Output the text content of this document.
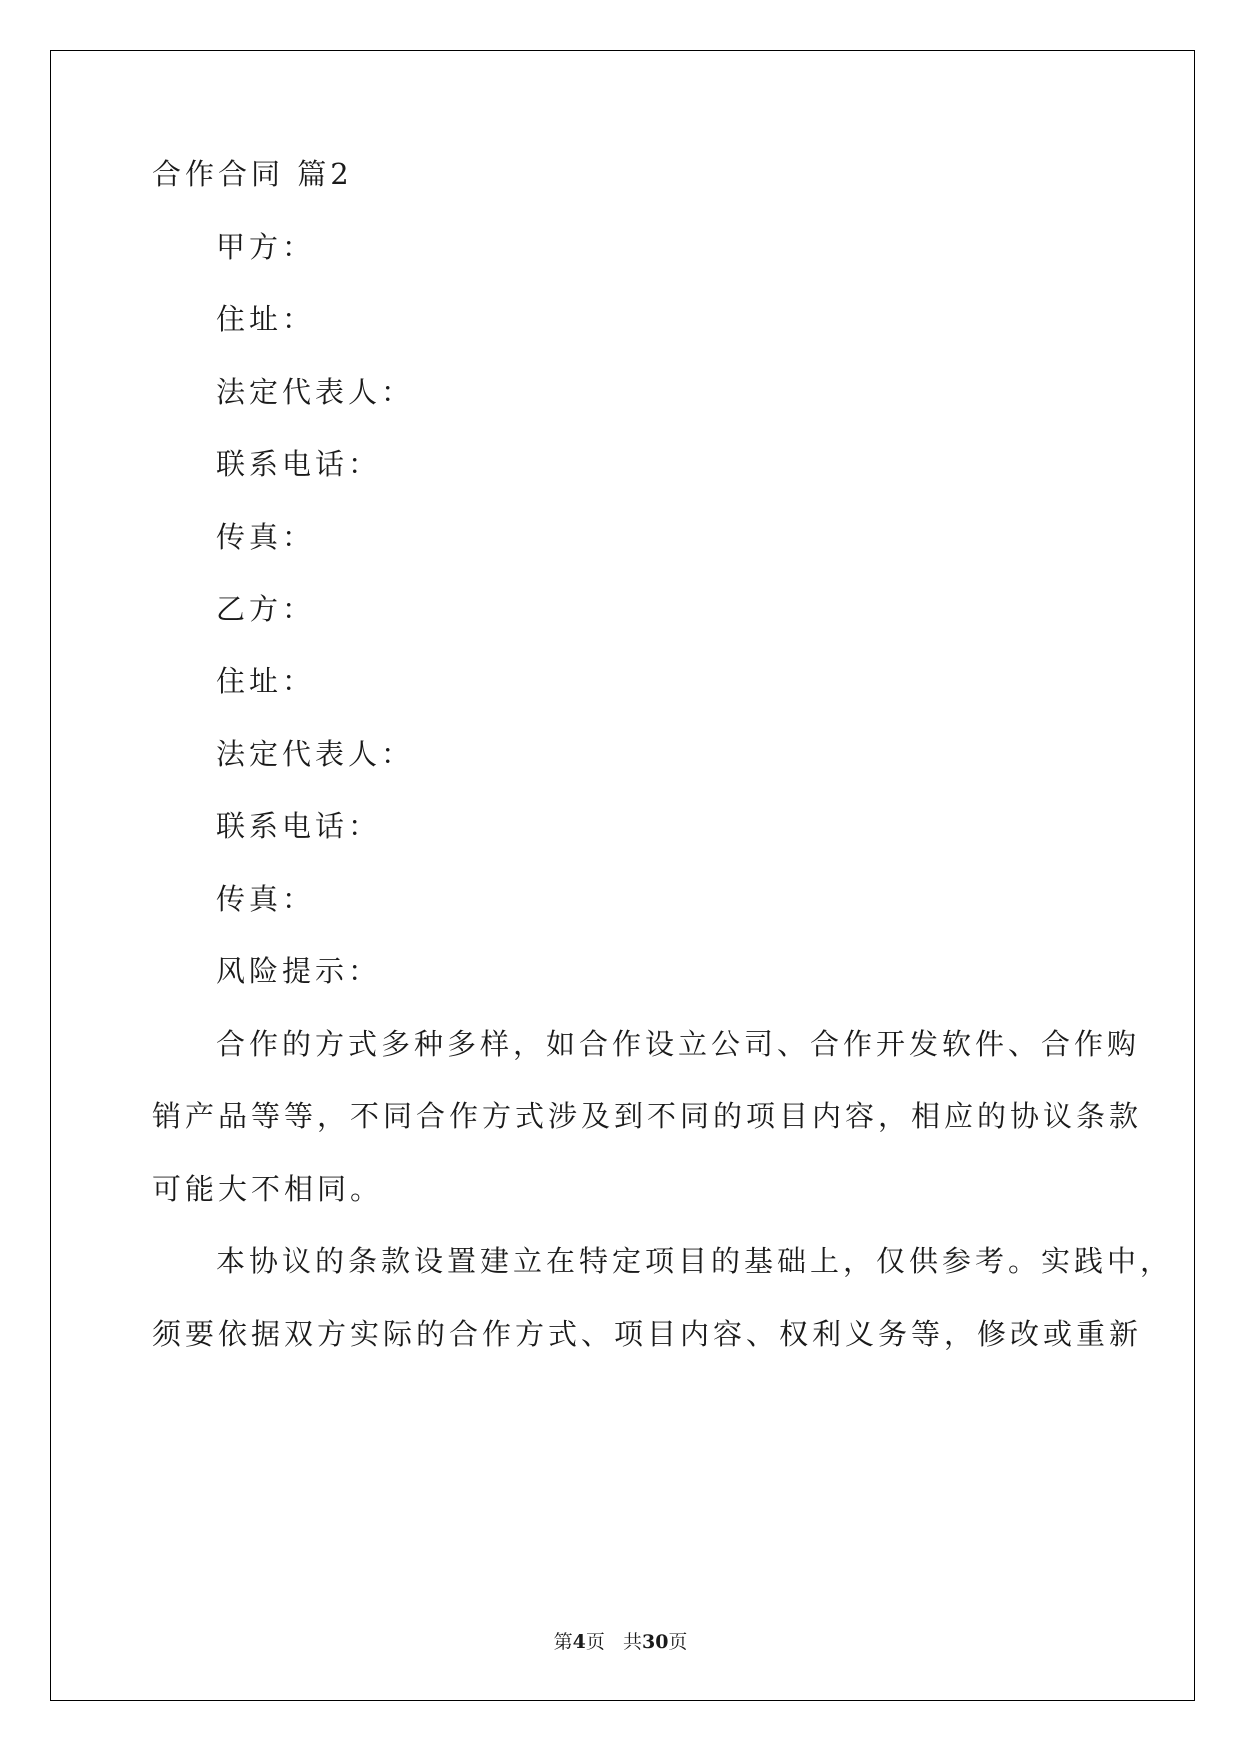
合作合同 篇2
甲方：
住址：
法定代表人：
联系电话：
传真：
乙方：
住址：
法定代表人：
联系电话：
传真：
风险提示：
合作的方式多种多样，如合作设立公司、合作开发软件、合作购
销产品等等，不同合作方式涉及到不同的项目内容，相应的协议条款
可能大不相同。
本协议的条款设置建立在特定项目的基础上，仅供参考。实践中，
须要依据双方实际的合作方式、项目内容、权利义务等，修改或重新
第4页 共30页
